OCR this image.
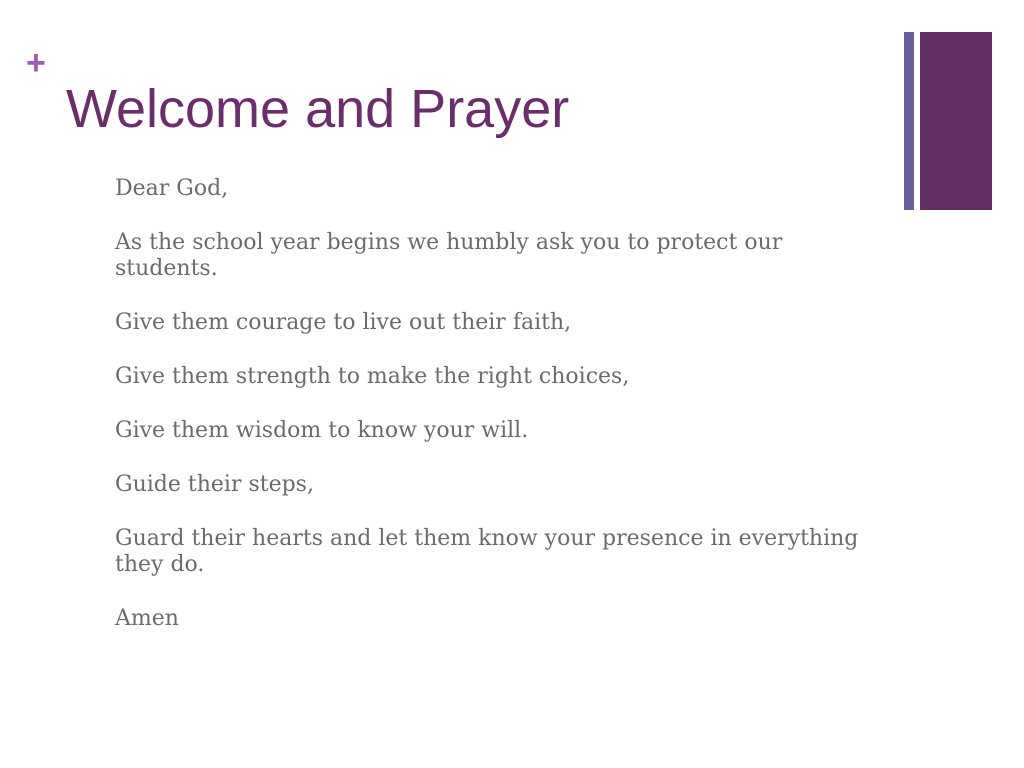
+
Welcome and Prayer

Dear God,

As the school year begins we humbly ask you to protect our students.

Give them courage to live out their faith,

Give them strength to make the right choices,

Give them wisdom to know your will.

Guide their steps,

Guard their hearts and let them know your presence in everything they do.

Amen
